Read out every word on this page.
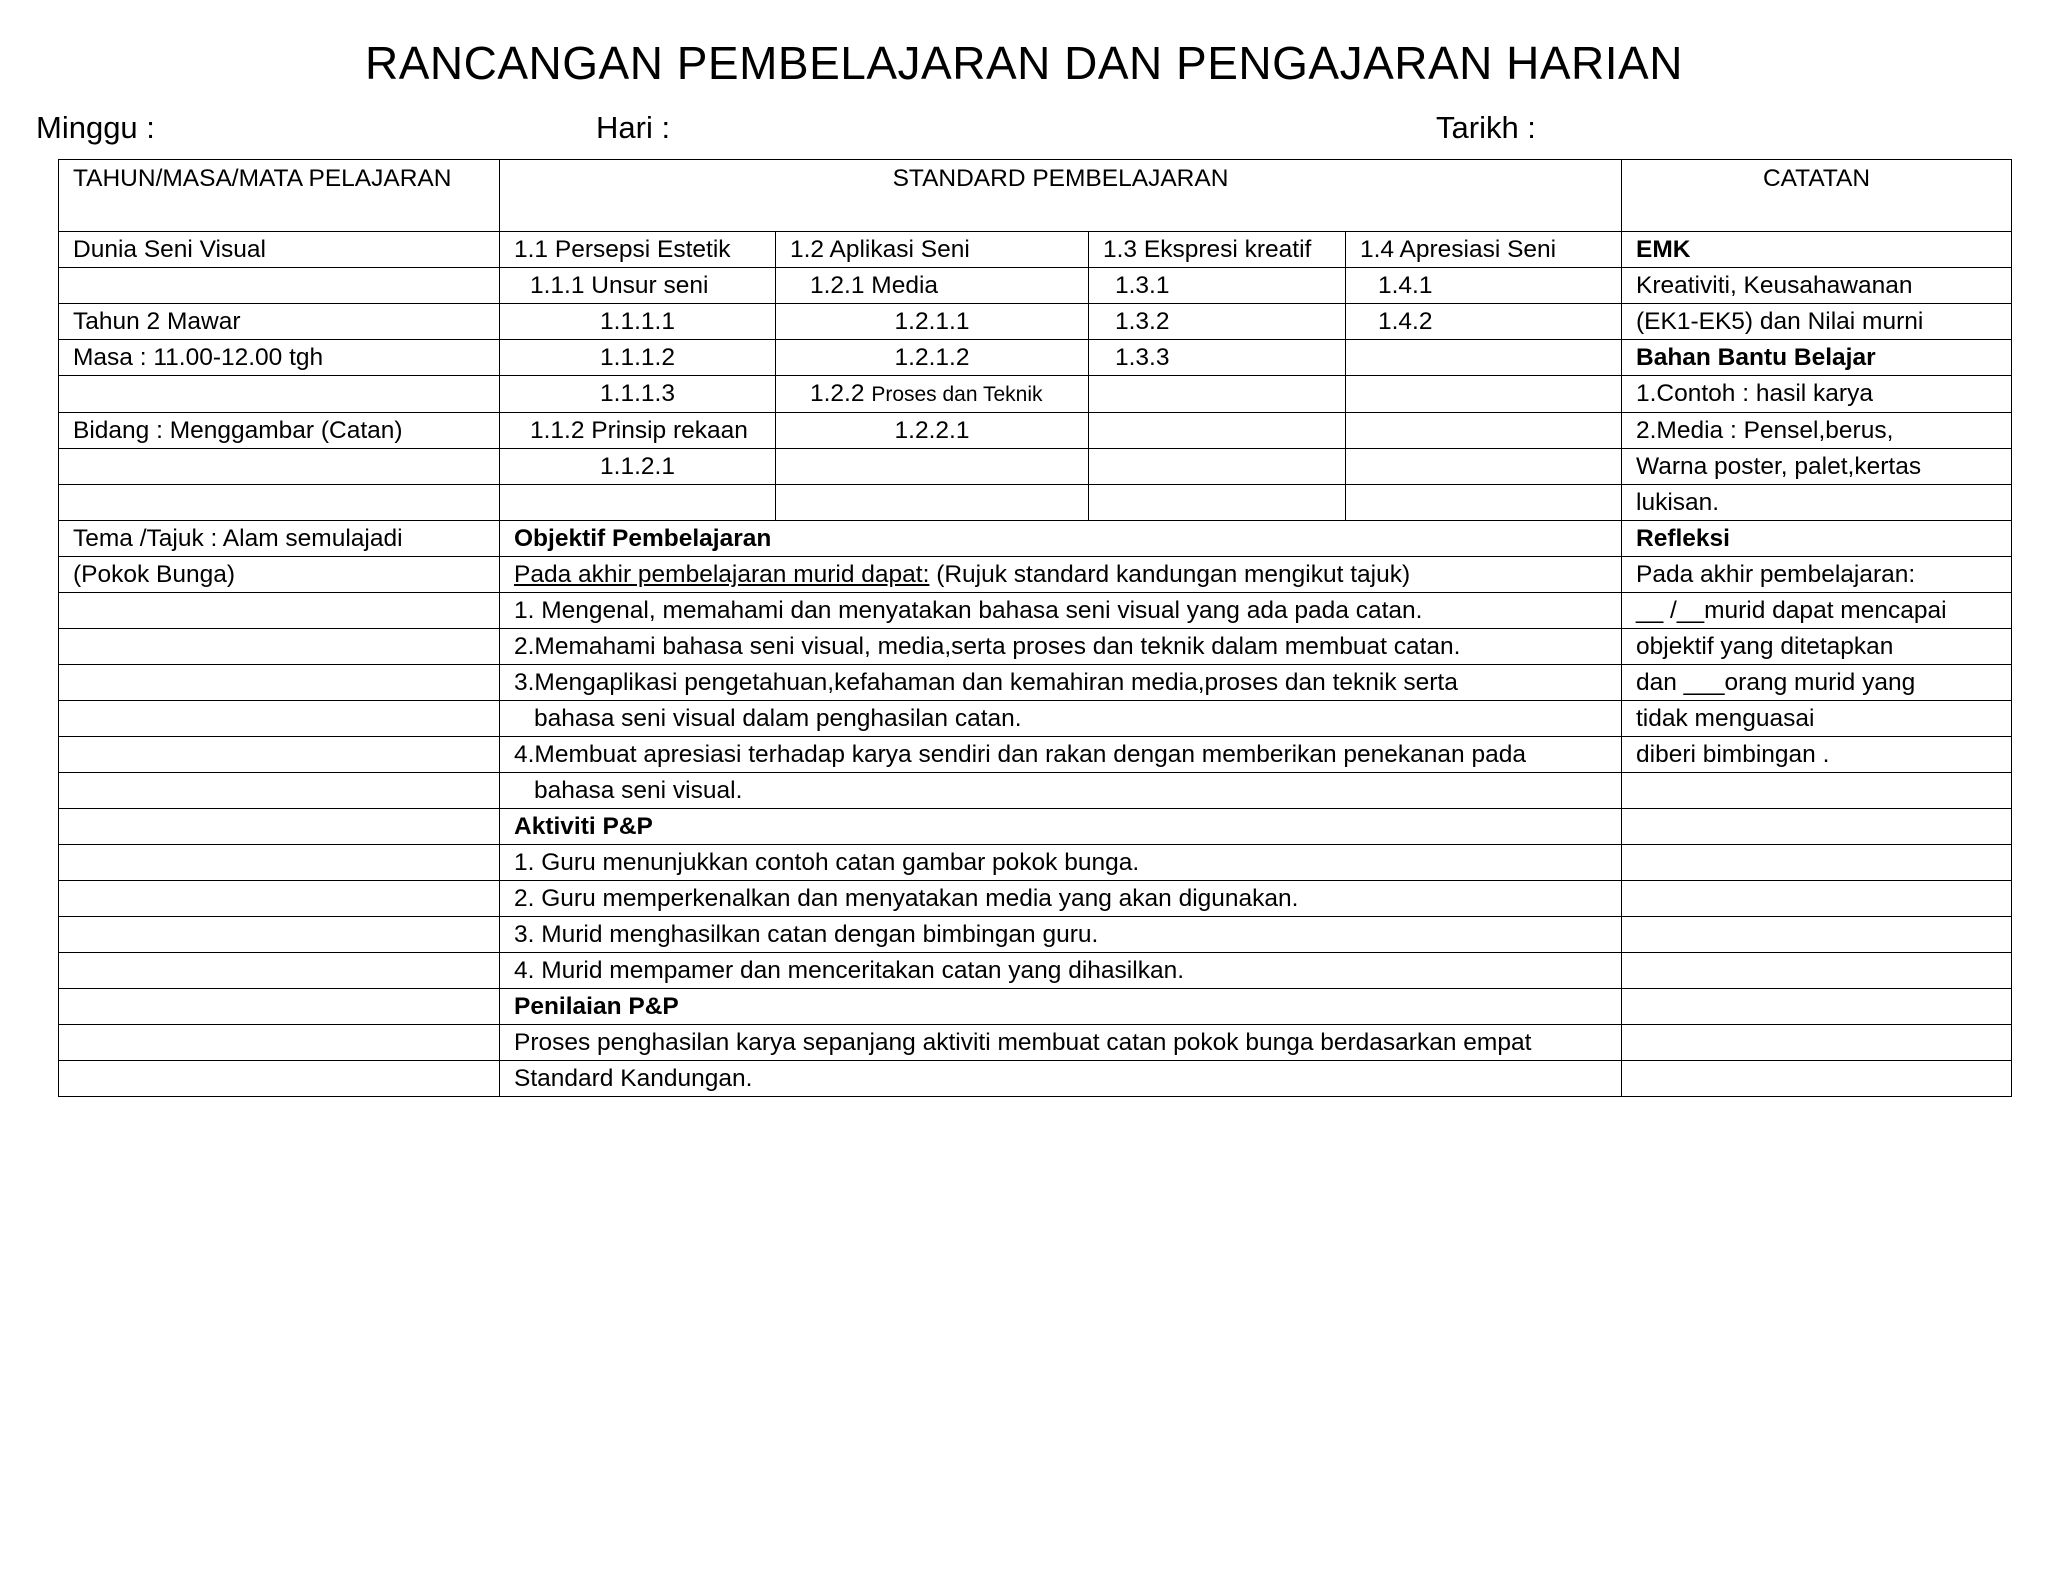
RANCANGAN PEMBELAJARAN DAN PENGAJARAN HARIAN
Minggu :	Hari :	Tarikh :
TAHUN/MASA/MATA PELAJARAN	STANDARD PEMBELAJARAN				CATATAN
Dunia Seni Visual	1.1 Persepsi Estetik	1.2 Aplikasi Seni	1.3 Ekspresi kreatif	1.4 Apresiasi Seni	EMK
	1.1.1 Unsur seni	1.2.1 Media	1.3.1	1.4.1	Kreativiti, Keusahawanan
Tahun 2 Mawar	1.1.1.1	1.2.1.1	1.3.2	1.4.2	(EK1-EK5) dan Nilai murni
Masa : 11.00-12.00 tgh	1.1.1.2	1.2.1.2	1.3.3		Bahan Bantu Belajar
	1.1.1.3	1.2.2 Proses dan Teknik			1.Contoh : hasil karya
Bidang : Menggambar (Catan)	1.1.2 Prinsip rekaan	1.2.2.1			2.Media : Pensel,berus,
	1.1.2.1				Warna poster, palet,kertas
					lukisan.
Tema /Tajuk : Alam semulajadi	Objektif Pembelajaran				Refleksi
(Pokok Bunga)	Pada akhir pembelajaran murid dapat: (Rujuk standard kandungan mengikut tajuk)				Pada akhir pembelajaran:
	1. Mengenal, memahami dan menyatakan bahasa seni visual yang ada pada catan.				__ /__murid dapat mencapai
	2.Memahami bahasa seni visual, media,serta proses dan teknik dalam membuat catan.				objektif yang ditetapkan
	3.Mengaplikasi pengetahuan,kefahaman dan kemahiran media,proses dan teknik serta				dan ___orang murid yang
	bahasa seni visual dalam penghasilan catan.				tidak menguasai
	4.Membuat apresiasi terhadap karya sendiri dan rakan dengan memberikan penekanan pada				diberi bimbingan .
	bahasa seni visual.				
	Aktiviti P&P				
	1. Guru menunjukkan contoh catan gambar pokok bunga.				
	2. Guru memperkenalkan dan menyatakan media yang akan digunakan.				
	3. Murid menghasilkan catan dengan bimbingan guru.				
	4. Murid mempamer dan menceritakan catan yang dihasilkan.				
	Penilaian P&P				
	Proses penghasilan karya sepanjang aktiviti membuat catan pokok bunga berdasarkan empat				
	Standard Kandungan.				
